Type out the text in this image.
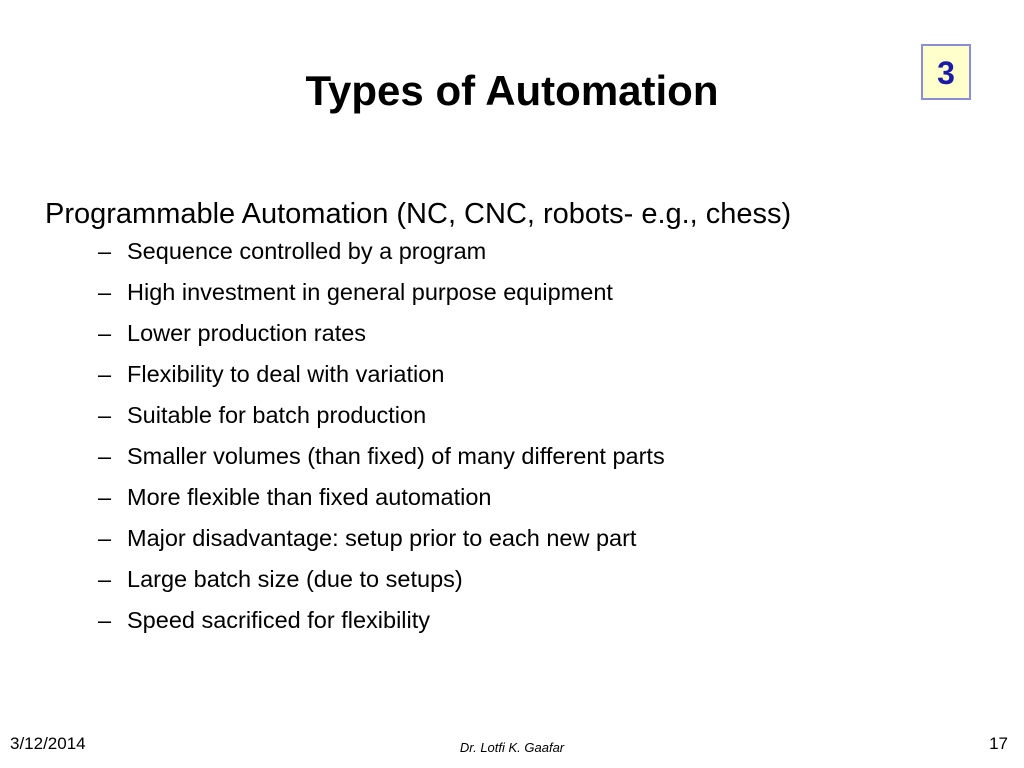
Types of Automation	3
Programmable Automation (NC, CNC, robots- e.g., chess)
– Sequence controlled by a program
– High investment in general purpose equipment
– Lower production rates
– Flexibility to deal with variation
– Suitable for batch production
– Smaller volumes (than fixed) of many different parts
– More flexible than fixed automation
– Major disadvantage: setup prior to each new part
– Large batch size (due to setups)
– Speed sacrificed for flexibility
3/12/2014	Dr. Lotfi K. Gaafar	17
